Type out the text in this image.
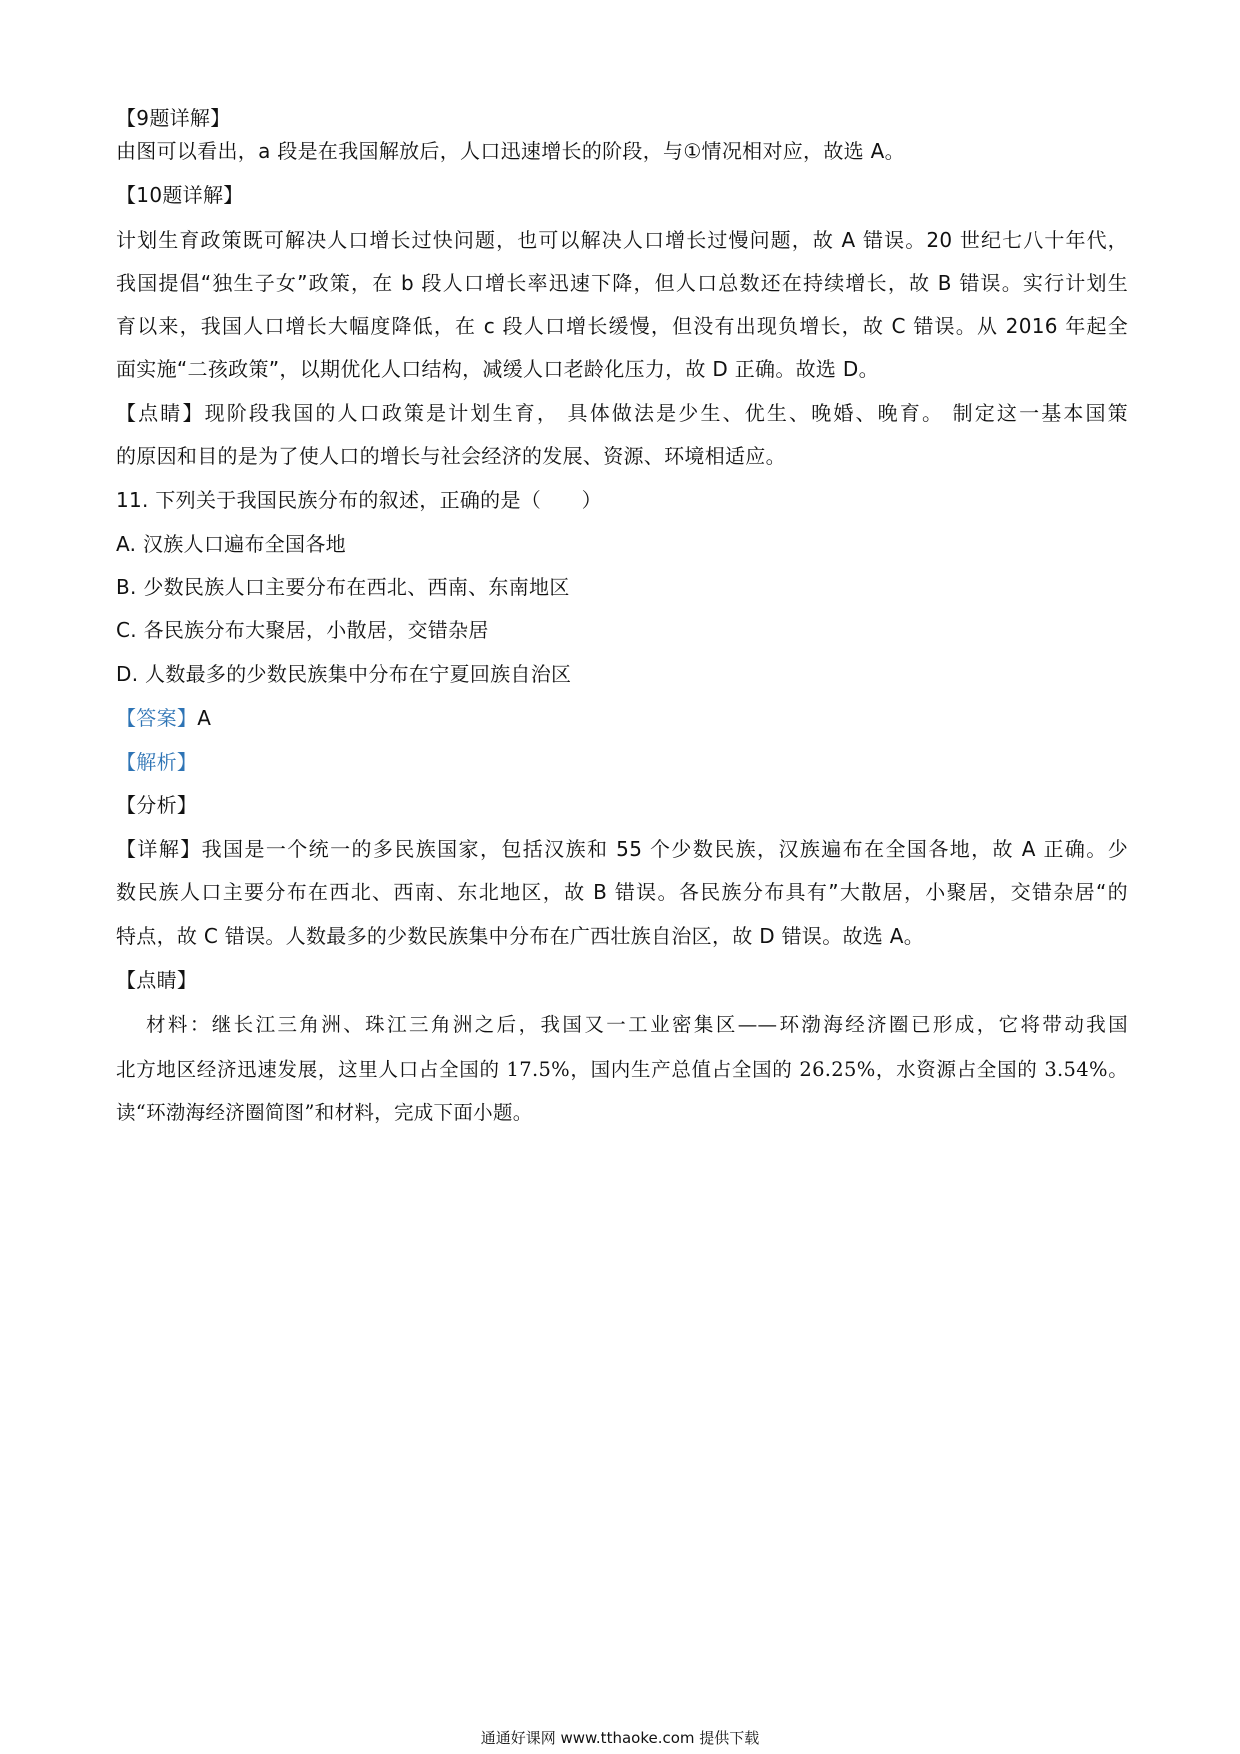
【9题详解】
由图可以看出，a 段是在我国解放后，人口迅速增长的阶段，与①情况相对应，故选 A。
【10题详解】
计划生育政策既可解决人口增长过快问题，也可以解决人口增长过慢问题，故 A 错误。20 世纪七八十年代，
我国提倡“独生子女”政策，在 b 段人口增长率迅速下降，但人口总数还在持续增长，故 B 错误。实行计划生
育以来，我国人口增长大幅度降低，在 c 段人口增长缓慢，但没有出现负增长，故 C 错误。从 2016 年起全
面实施“二孩政策”，以期优化人口结构，减缓人口老龄化压力，故 D 正确。故选 D。
【点睛】现阶段我国的人口政策是计划生育， 具体做法是少生、优生、晚婚、晚育。 制定这一基本国策
的原因和目的是为了使人口的增长与社会经济的发展、资源、环境相适应。
11. 下列关于我国民族分布的叙述，正确的是（　　）
A. 汉族人口遍布全国各地
B. 少数民族人口主要分布在西北、西南、东南地区
C. 各民族分布大聚居，小散居，交错杂居
D. 人数最多的少数民族集中分布在宁夏回族自治区
【答案】A
【解析】
【分析】
【详解】我国是一个统一的多民族国家，包括汉族和 55 个少数民族，汉族遍布在全国各地，故 A 正确。少
数民族人口主要分布在西北、西南、东北地区，故 B 错误。各民族分布具有”大散居，小聚居，交错杂居“的
特点，故 C 错误。人数最多的少数民族集中分布在广西壮族自治区，故 D 错误。故选 A。
【点睛】
材料：继长江三角洲、珠江三角洲之后，我国又一工业密集区——环渤海经济圈已形成，它将带动我国
北方地区经济迅速发展，这里人口占全国的 17.5%，国内生产总值占全国的 26.25%，水资源占全国的 3.54%。
读“环渤海经济圈简图”和材料，完成下面小题。
通通好课网 www.tthaoke.com 提供下载
